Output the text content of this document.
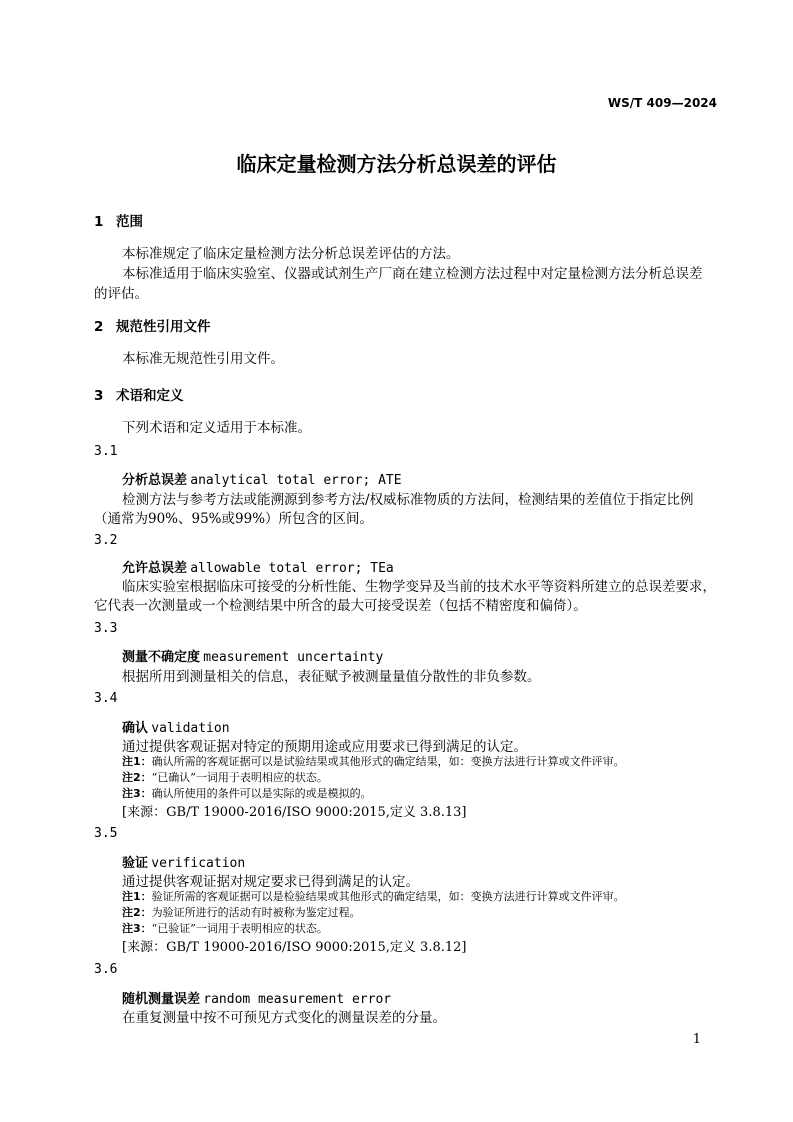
WS/T 409—2024
临床定量检测方法分析总误差的评估
1 范围
本标准规定了临床定量检测方法分析总误差评估的方法。
本标准适用于临床实验室、仪器或试剂生产厂商在建立检测方法过程中对定量检测方法分析总误差
的评估。
2 规范性引用文件
本标准无规范性引用文件。
3 术语和定义
下列术语和定义适用于本标准。
3.1
分析总误差 analytical total error; ATE
检测方法与参考方法或能溯源到参考方法/权威标准物质的方法间，检测结果的差值位于指定比例
（通常为90%、95%或99%）所包含的区间。
3.2
允许总误差 allowable total error; TEa
临床实验室根据临床可接受的分析性能、生物学变异及当前的技术水平等资料所建立的总误差要求，
它代表一次测量或一个检测结果中所含的最大可接受误差（包括不精密度和偏倚）。
3.3
测量不确定度 measurement uncertainty
根据所用到测量相关的信息，表征赋予被测量量值分散性的非负参数。
3.4
确认 validation
通过提供客观证据对特定的预期用途或应用要求已得到满足的认定。
注1：确认所需的客观证据可以是试验结果或其他形式的确定结果，如：变换方法进行计算或文件评审。
注2：“已确认”一词用于表明相应的状态。
注3：确认所使用的条件可以是实际的或是模拟的。
[来源：GB/T 19000-2016/ISO 9000:2015,定义 3.8.13]
3.5
验证 verification
通过提供客观证据对规定要求已得到满足的认定。
注1：验证所需的客观证据可以是检验结果或其他形式的确定结果，如：变换方法进行计算或文件评审。
注2：为验证所进行的活动有时被称为鉴定过程。
注3：“已验证”一词用于表明相应的状态。
[来源：GB/T 19000-2016/ISO 9000:2015,定义 3.8.12]
3.6
随机测量误差 random measurement error
在重复测量中按不可预见方式变化的测量误差的分量。
1
